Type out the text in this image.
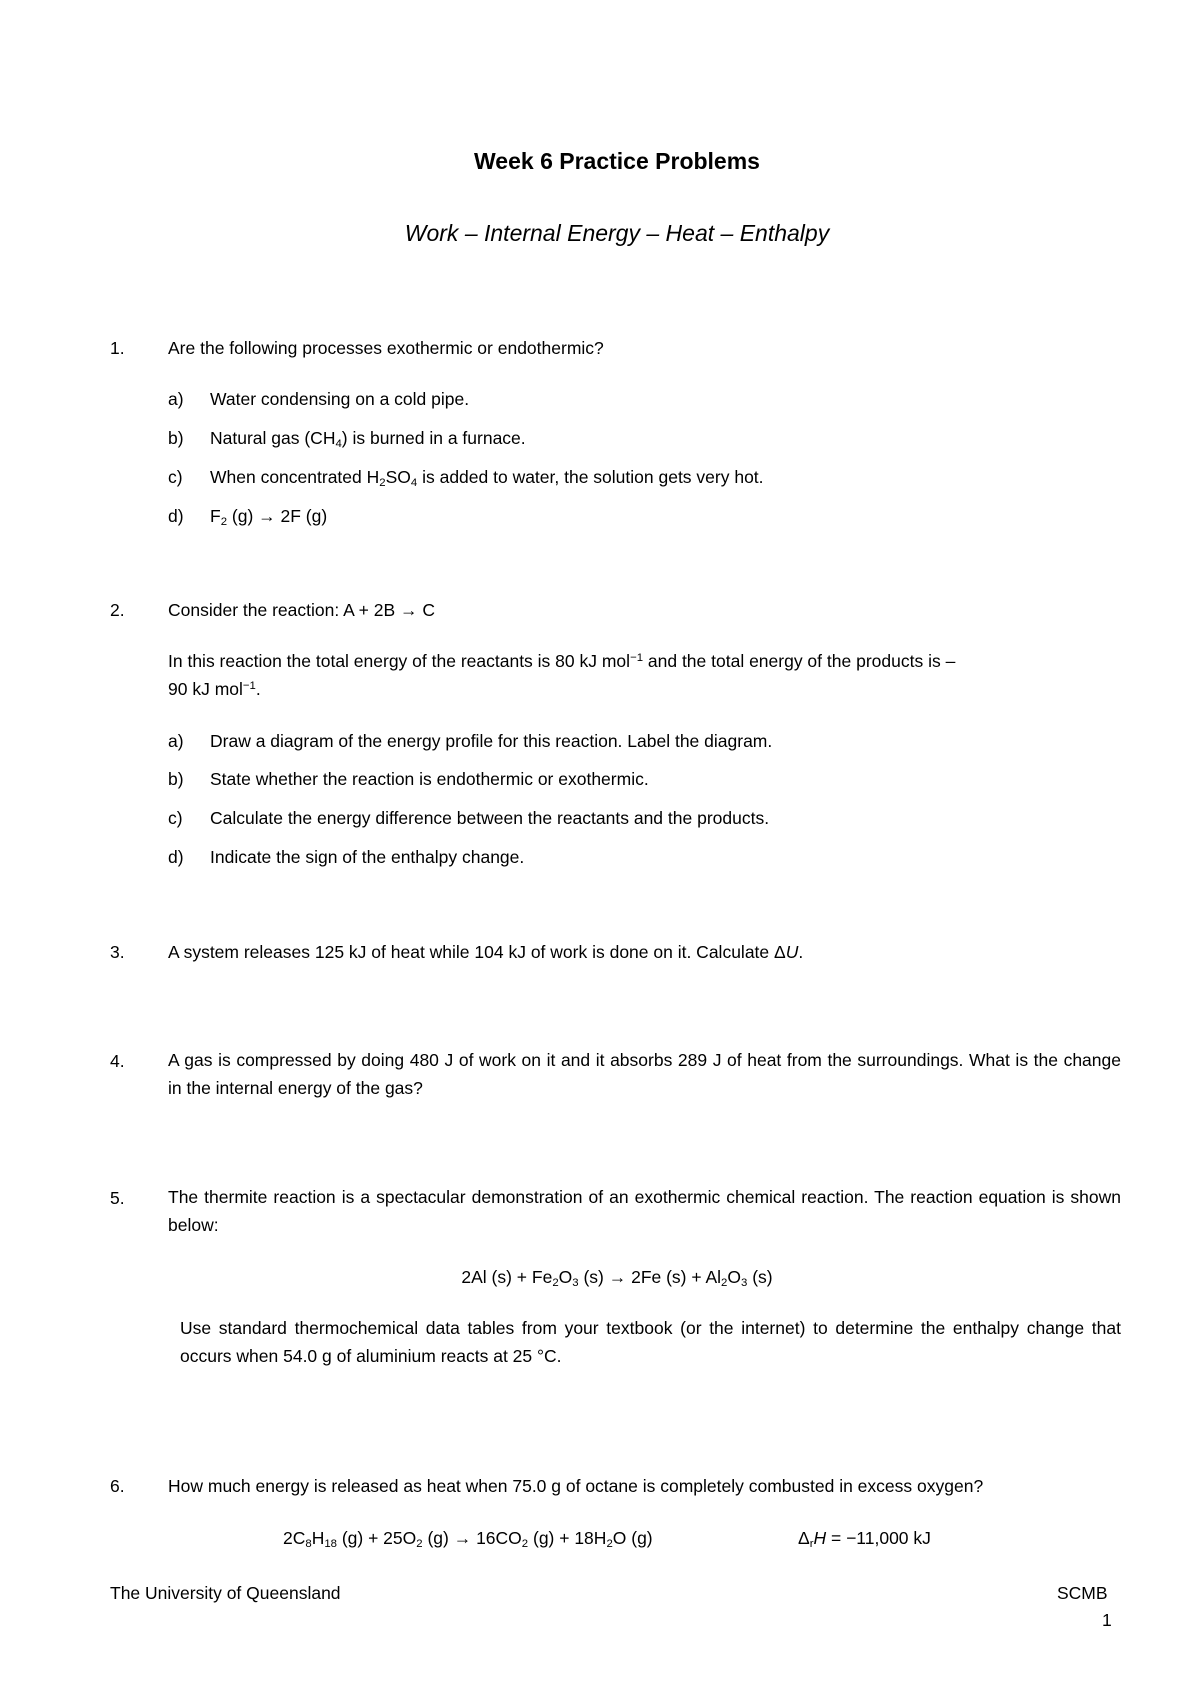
Week 6 Practice Problems
Work – Internal Energy – Heat – Enthalpy
1. Are the following processes exothermic or endothermic?
a) Water condensing on a cold pipe.
b) Natural gas $(CH_4)$ is burned in a furnace.
c) When concentrated $H_2SO_4$ is added to water, the solution gets very hot.
d) $F_2$ (g) → 2F (g)
2. Consider the reaction: A + 2B → C
In this reaction the total energy of the reactants is 80 kJ mol$^{-1}$ and the total energy of the products is –
90 kJ mol$^{-1}$.
a) Draw a diagram of the energy profile for this reaction. Label the diagram.
b) State whether the reaction is endothermic or exothermic.
c) Calculate the energy difference between the reactants and the products.
d) Indicate the sign of the enthalpy change.
3. A system releases 125 kJ of heat while 104 kJ of work is done on it. Calculate ΔU.
4. A gas is compressed by doing 480 J of work on it and it absorbs 289 J of heat from the surroundings. What is the change in the internal energy of the gas?
5. The thermite reaction is a spectacular demonstration of an exothermic chemical reaction. The reaction equation is shown below:
2Al $(s) + Fe_2O_3$ (s) → 2Fe $(s) + Al_2O_3$ (s)
Use standard thermochemical data tables from your textbook (or the internet) to determine the enthalpy change that occurs when 54.0 g of aluminium reacts at 25 °C.
6. How much energy is released as heat when 75.0 g of octane is completely combusted in excess oxygen?
$2C_8H_{18}$ $(g) + 25O_2$ $(g) \to 16CO_2$ $(g) + 18H_2O$ (g)	$\Delta_rH = -11,000$ kJ
The University of Queensland	SCMB
1
